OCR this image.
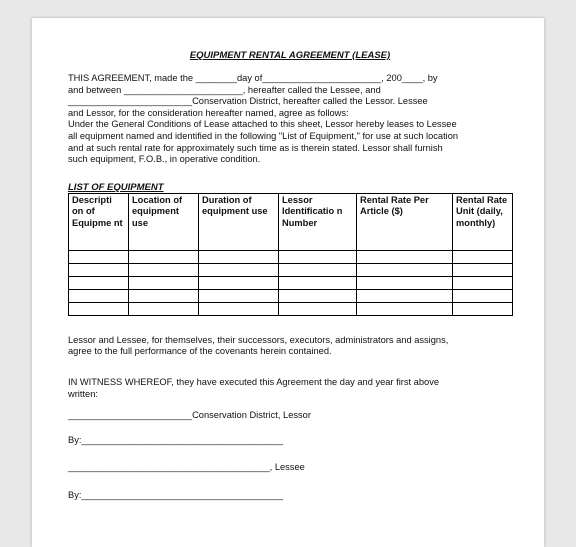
EQUIPMENT RENTAL AGREEMENT (LEASE)

THIS AGREEMENT, made the ________day of_______________________, 200____, by
and between _______________________, hereafter called the Lessee, and
________________________Conservation District, hereafter called the Lessor. Lessee
and Lessor, for the consideration hereafter named, agree as follows:
Under the General Conditions of Lease attached to this sheet, Lessor hereby leases to Lessee
all equipment named and identified in the following "List of Equipment," for use at such location
and at such rental rate for approximately such time as is therein stated. Lessor shall furnish
such equipment, F.O.B., in operative condition.

LIST OF EQUIPMENT
Descripti on of Equipme nt	Location of equipment use	Duration of equipment use	Lessor Identificatio n Number	Rental Rate Per Article ($)	Rental Rate Unit (daily, monthly)

Lessor and Lessee, for themselves, their successors, executors, administrators and assigns,
agree to the full performance of the covenants herein contained.

IN WITNESS WHEREOF, they have executed this Agreement the day and year first above
written:

________________________Conservation District, Lessor

By:_______________________________________

_______________________________________, Lessee

By:_______________________________________
